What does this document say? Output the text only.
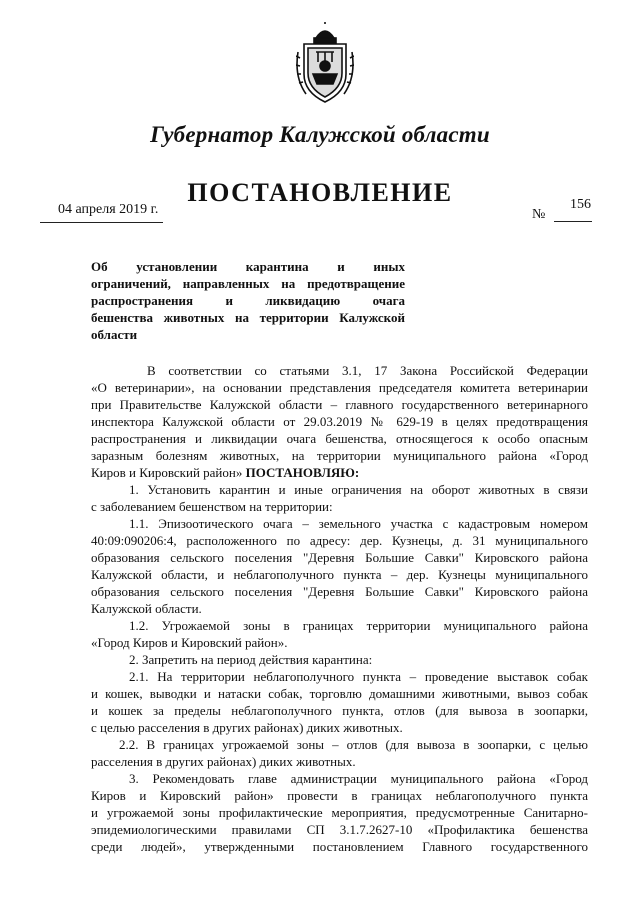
Губернатор Калужской области
ПОСТАНОВЛЕНИЕ
04 апреля 2019 г.	№
156
Об установлении карантина и иных
ограничений, направленных на предотвращение
распространения и ликвидацию очага
бешенства животных на территории Калужской
области
В соответствии со статьями 3.1, 17 Закона Российской Федерации
«О ветеринарии», на основании представления председателя комитета ветеринарии
при Правительстве Калужской области – главного государственного ветеринарного
инспектора Калужской области от 29.03.2019 № 629-19 в целях предотвращения
распространения и ликвидации очага бешенства, относящегося к особо опасным
заразным болезням животных, на территории муниципального района «Город
Киров и Кировский район» ПОСТАНОВЛЯЮ:
1. Установить карантин и иные ограничения на оборот животных в связи
с заболеванием бешенством на территории:
1.1. Эпизоотического очага – земельного участка с кадастровым номером
40:09:090206:4, расположенного по адресу: дер. Кузнецы, д. 31 муниципального
образования сельского поселения "Деревня Большие Савки" Кировского района
Калужской области, и неблагополучного пункта – дер. Кузнецы муниципального
образования сельского поселения "Деревня Большие Савки" Кировского района
Калужской области.
1.2. Угрожаемой зоны в границах территории муниципального района
«Город Киров и Кировский район».
2. Запретить на период действия карантина:
2.1. На территории неблагополучного пункта – проведение выставок собак
и кошек, выводки и натаски собак, торговлю домашними животными, вывоз собак
и кошек за пределы неблагополучного пункта, отлов (для вывоза в зоопарки,
с целью расселения в других районах) диких животных.
2.2. В границах угрожаемой зоны – отлов (для вывоза в зоопарки, с целью
расселения в других районах) диких животных.
3. Рекомендовать главе администрации муниципального района «Город
Киров и Кировский район» провести в границах неблагополучного пункта
и угрожаемой зоны профилактические мероприятия, предусмотренные Санитарно-
эпидемиологическими правилами СП 3.1.7.2627-10 «Профилактика бешенства
среди людей», утвержденными постановлением Главного государственного
